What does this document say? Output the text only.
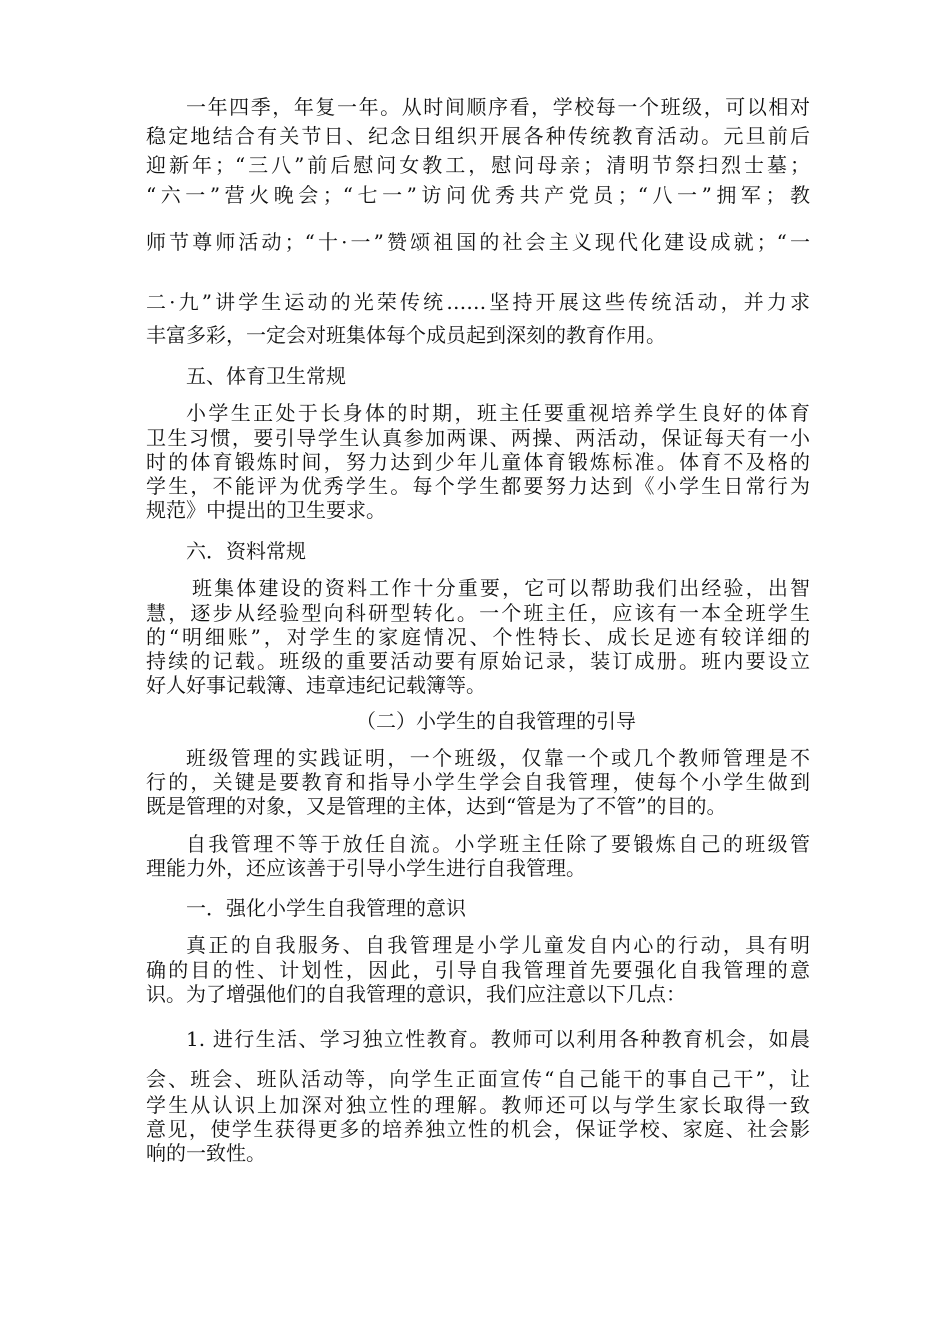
一年四季，年复一年。从时间顺序看，学校每一个班级，可以相对
稳定地结合有关节日、纪念日组织开展各种传统教育活动。元旦前后
迎新年；“三八”前后慰问女教工，慰问母亲；清明节祭扫烈士墓；
“六一”营火晚会；“七一”访问优秀共产党员；“八一”拥军；教
师节尊师活动；“十·一”赞颂祖国的社会主义现代化建设成就；“一
二·九”讲学生运动的光荣传统……坚持开展这些传统活动，并力求
丰富多彩，一定会对班集体每个成员起到深刻的教育作用。
五、体育卫生常规
小学生正处于长身体的时期，班主任要重视培养学生良好的体育
卫生习惯，要引导学生认真参加两课、两操、两活动，保证每天有一小
时的体育锻炼时间，努力达到少年儿童体育锻炼标准。体育不及格的
学生，不能评为优秀学生。每个学生都要努力达到《小学生日常行为
规范》中提出的卫生要求。
六．资料常规
班集体建设的资料工作十分重要，它可以帮助我们出经验，出智
慧，逐步从经验型向科研型转化。一个班主任，应该有一本全班学生
的“明细账”，对学生的家庭情况、个性特长、成长足迹有较详细的
持续的记载。班级的重要活动要有原始记录，装订成册。班内要设立
好人好事记载簿、违章违纪记载簿等。
（二）小学生的自我管理的引导
班级管理的实践证明，一个班级，仅靠一个或几个教师管理是不
行的，关键是要教育和指导小学生学会自我管理，使每个小学生做到
既是管理的对象，又是管理的主体，达到“管是为了不管”的目的。
自我管理不等于放任自流。小学班主任除了要锻炼自己的班级管
理能力外，还应该善于引导小学生进行自我管理。
一．强化小学生自我管理的意识
真正的自我服务、自我管理是小学儿童发自内心的行动，具有明
确的目的性、计划性，因此，引导自我管理首先要强化自我管理的意
识。为了增强他们的自我管理的意识，我们应注意以下几点：
1. 进行生活、学习独立性教育。教师可以利用各种教育机会，如晨
会、班会、班队活动等，向学生正面宣传“自己能干的事自己干”，让
学生从认识上加深对独立性的理解。教师还可以与学生家长取得一致
意见，使学生获得更多的培养独立性的机会，保证学校、家庭、社会影
响的一致性。
